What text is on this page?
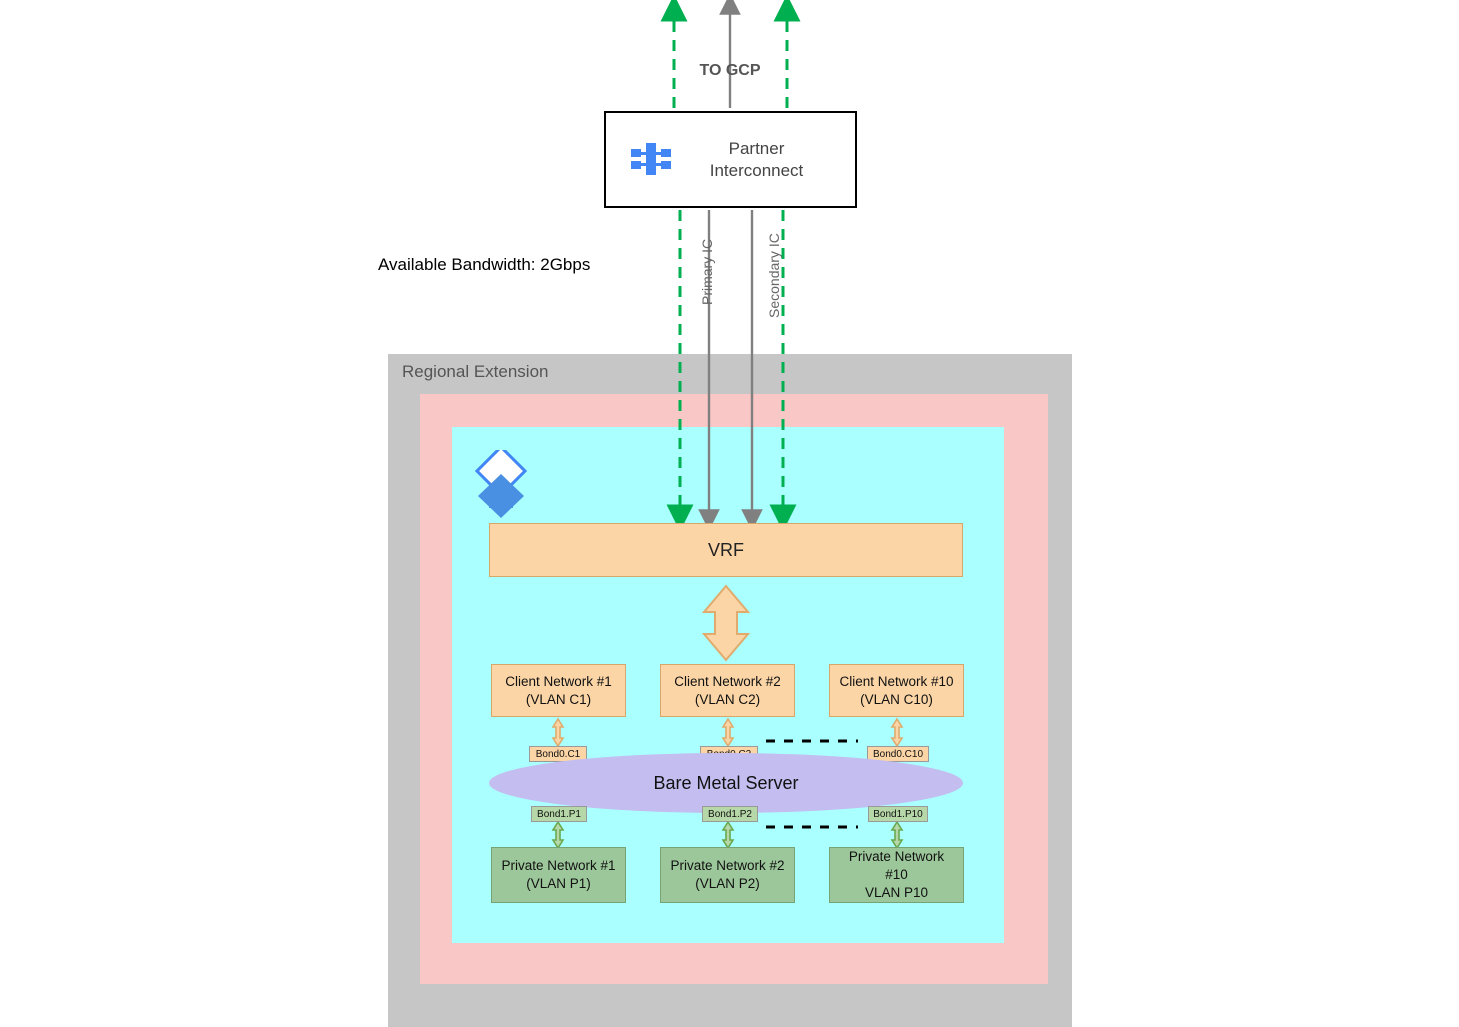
TO GCP
Partner
Interconnect
Available Bandwidth: 2Gbps	Primary IC	Secondary IC
Regional Extension
VRF
Client Network #1
(VLAN C1)
Client Network #2
(VLAN C2)
Client Network #10
(VLAN C10)
Bond0.C1	Bond0.C10
Bare Metal Server
Bond1.P1	Bond1.P2	Bond1.P10
Private Network #1
(VLAN P1)
Private Network #2
(VLAN P2)
Private Network
#10
VLAN P10
